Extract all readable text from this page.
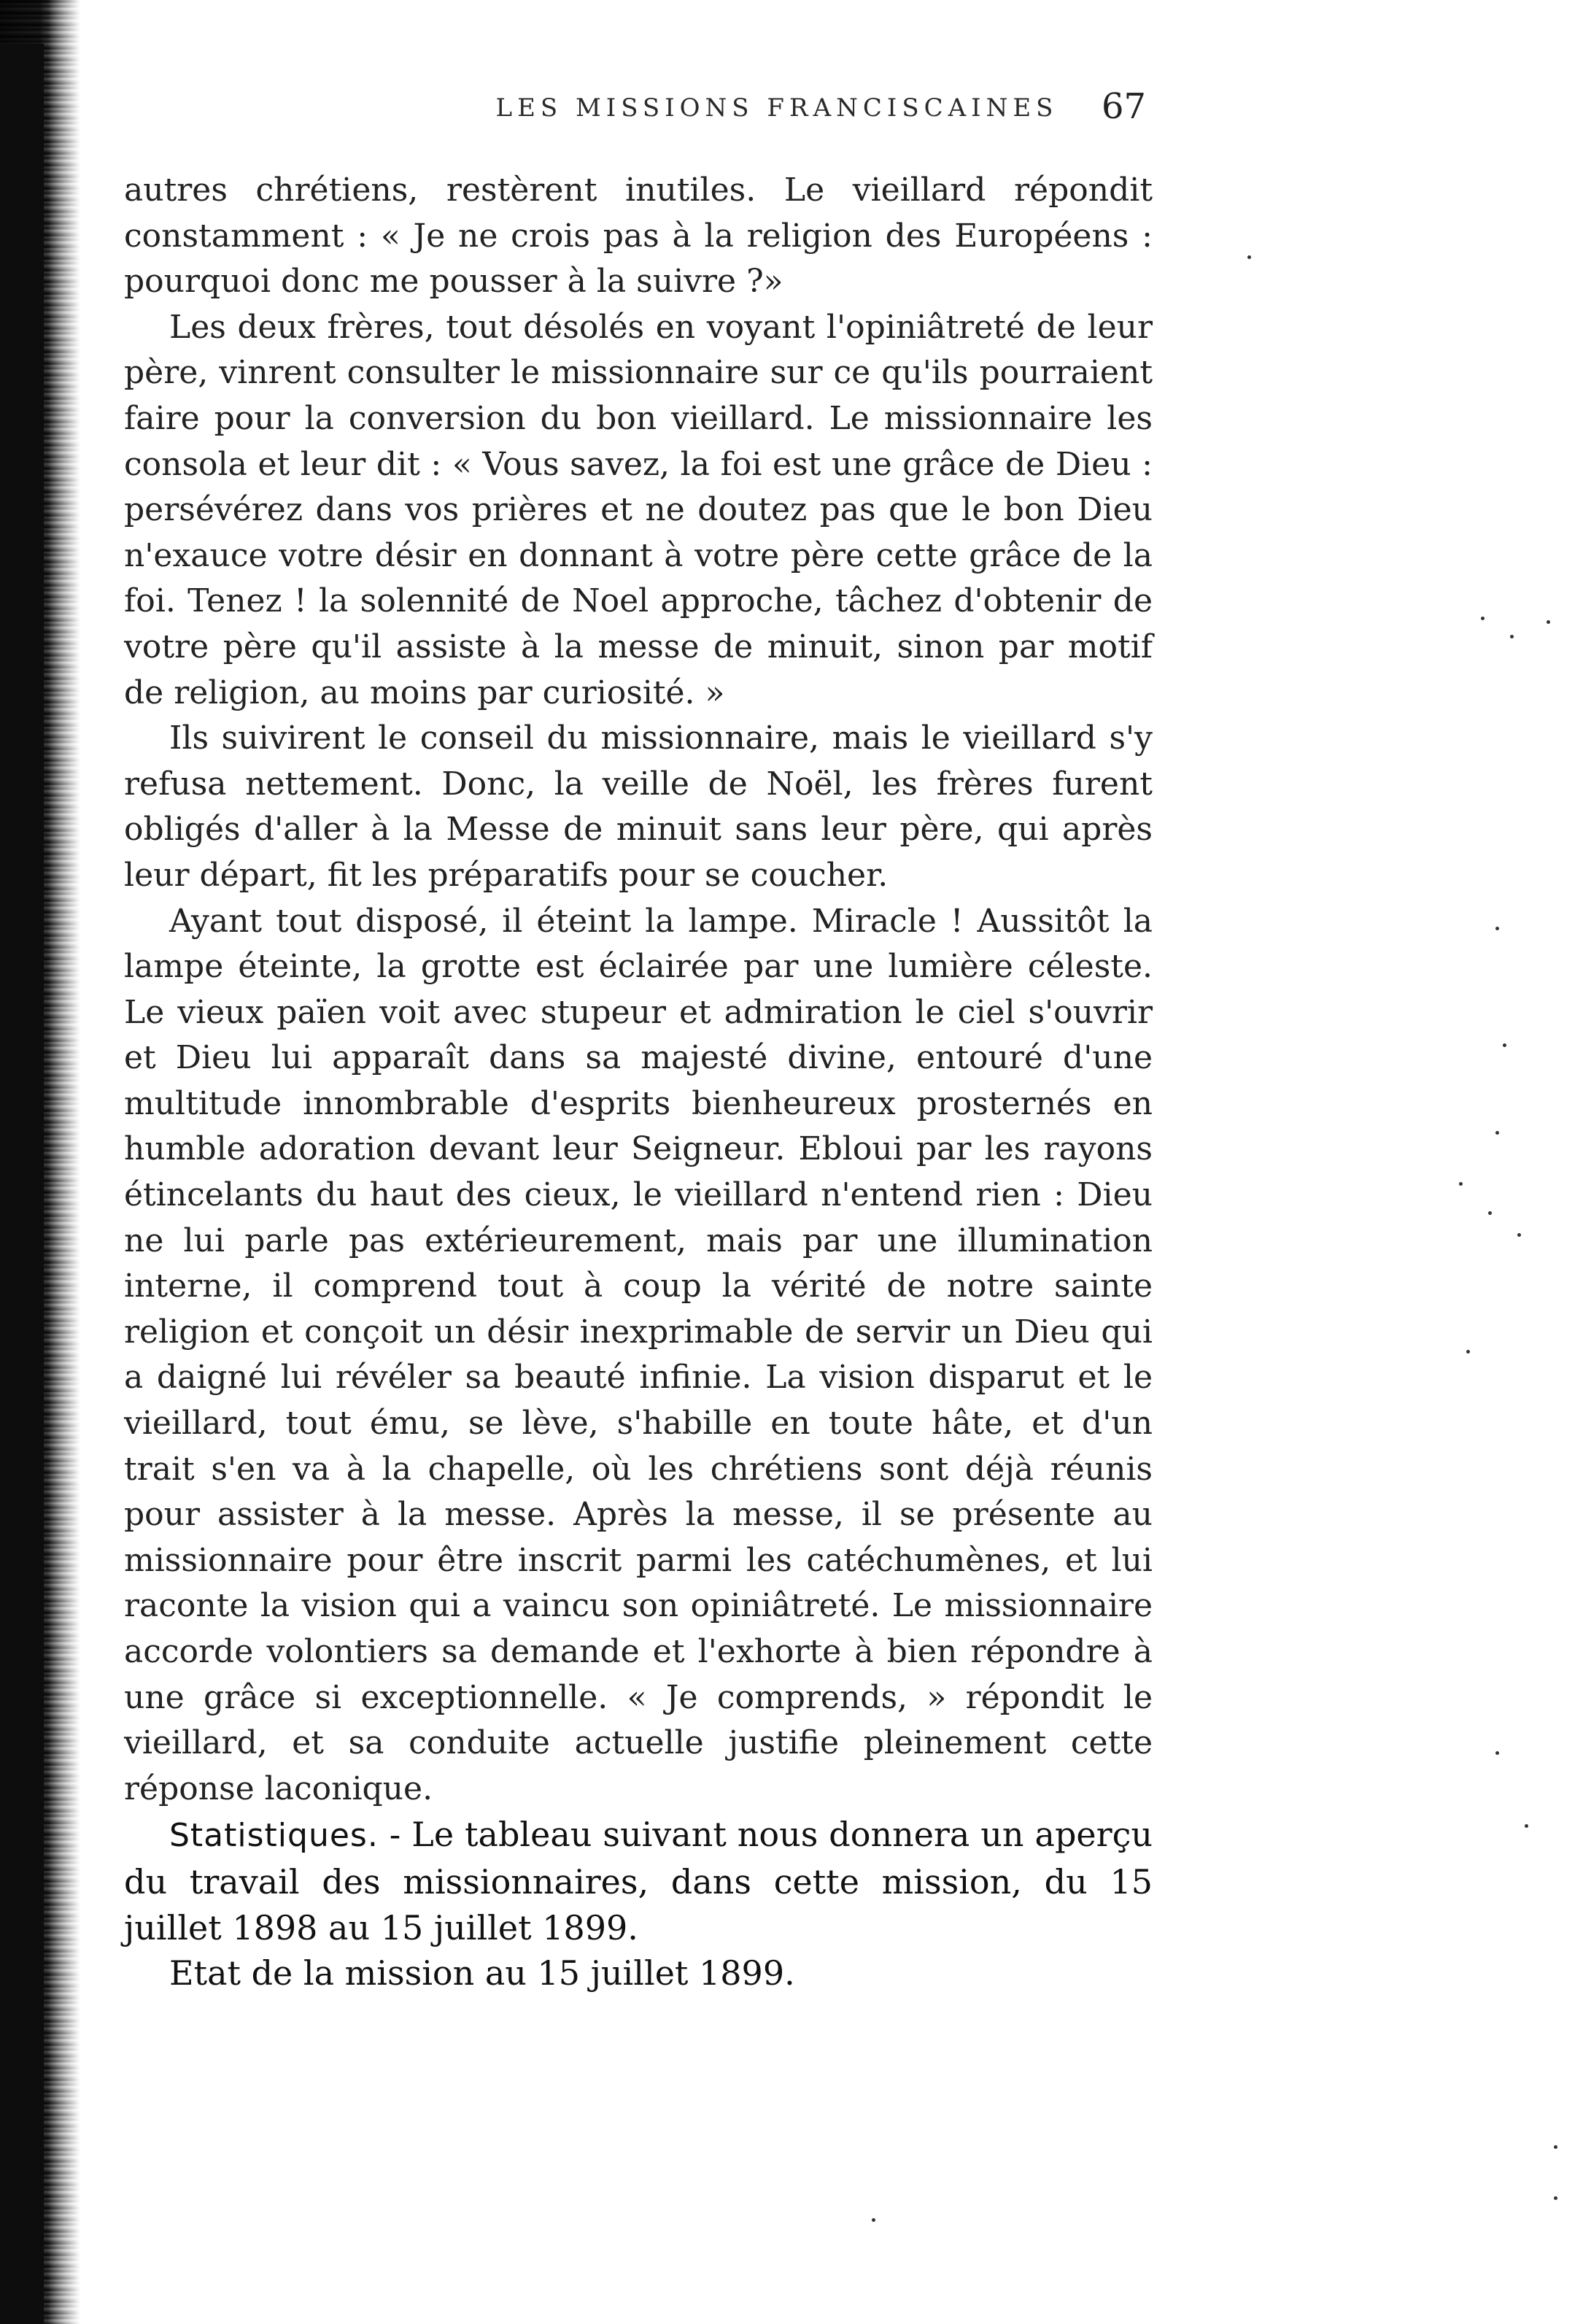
LES MISSIONS FRANCISCAINES	67

autres chrétiens, restèrent inutiles. Le vieillard répondit constamment : « Je ne crois pas à la religion des Européens : pourquoi donc me pousser à la suivre ?»

Les deux frères, tout désolés en voyant l'opiniâtreté de leur père, vinrent consulter le missionnaire sur ce qu'ils pourraient faire pour la conversion du bon vieillard. Le missionnaire les consola et leur dit : « Vous savez, la foi est une grâce de Dieu : persévérez dans vos prières et ne doutez pas que le bon Dieu n'exauce votre désir en donnant à votre père cette grâce de la foi. Tenez ! la solennité de Noel approche, tâchez d'obtenir de votre père qu'il assiste à la messe de minuit, sinon par motif de religion, au moins par curiosité. »

Ils suivirent le conseil du missionnaire, mais le vieillard s'y refusa nettement. Donc, la veille de Noël, les frères furent obligés d'aller à la Messe de minuit sans leur père, qui après leur départ, fit les préparatifs pour se coucher.

Ayant tout disposé, il éteint la lampe. Miracle ! Aussitôt la lampe éteinte, la grotte est éclairée par une lumière céleste. Le vieux païen voit avec stupeur et admiration le ciel s'ouvrir et Dieu lui apparaît dans sa majesté divine, entouré d'une multitude innombrable d'esprits bienheureux prosternés en humble adoration devant leur Seigneur. Ebloui par les rayons étincelants du haut des cieux, le vieillard n'entend rien : Dieu ne lui parle pas extérieurement, mais par une illumination interne, il comprend tout à coup la vérité de notre sainte religion et conçoit un désir inexprimable de servir un Dieu qui a daigné lui révéler sa beauté infinie. La vision disparut et le vieillard, tout ému, se lève, s'habille en toute hâte, et d'un trait s'en va à la chapelle, où les chrétiens sont déjà réunis pour assister à la messe. Après la messe, il se présente au missionnaire pour être inscrit parmi les catéchumènes, et lui raconte la vision qui a vaincu son opiniâtreté. Le missionnaire accorde volontiers sa demande et l'exhorte à bien répondre à une grâce si exceptionnelle. « Je comprends, » répondit le vieillard, et sa conduite actuelle justifie pleinement cette réponse laconique.

Statistiques. - Le tableau suivant nous donnera un aperçu du travail des missionnaires, dans cette mission, du 15 juillet 1898 au 15 juillet 1899.

Etat de la mission au 15 juillet 1899.
